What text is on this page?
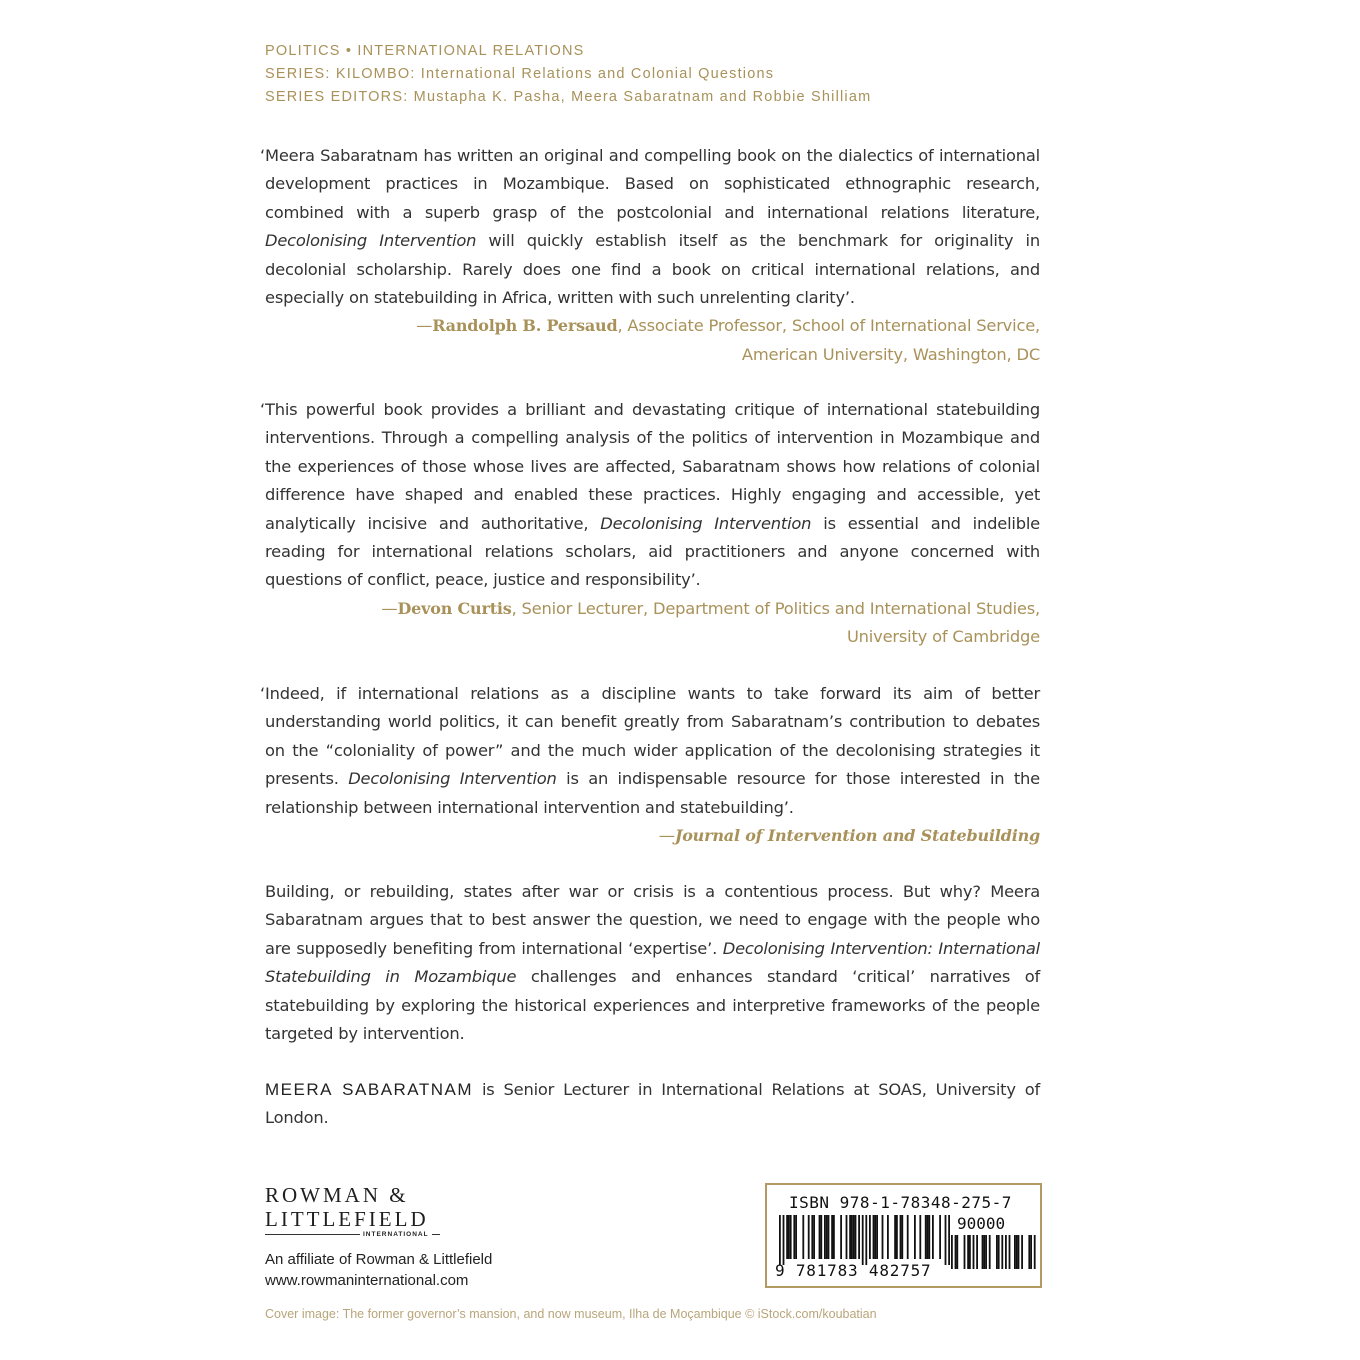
POLITICS • INTERNATIONAL RELATIONS
SERIES: KILOMBO: International Relations and Colonial Questions
SERIES EDITORS: Mustapha K. Pasha, Meera Sabaratnam and Robbie Shilliam

‘Meera Sabaratnam has written an original and compelling book on the dialectics of international development practices in Mozambique. Based on sophisticated ethnographic research, combined with a superb grasp of the postcolonial and international relations literature, Decolonising Intervention will quickly establish itself as the benchmark for originality in decolonial scholarship. Rarely does one find a book on critical international relations, and especially on statebuilding in Africa, written with such unrelenting clarity’.

—Randolph B. Persaud, Associate Professor, School of International Service,
American University, Washington, DC

‘This powerful book provides a brilliant and devastating critique of international statebuilding interventions. Through a compelling analysis of the politics of intervention in Mozambique and the experiences of those whose lives are affected, Sabaratnam shows how relations of colonial difference have shaped and enabled these practices. Highly engaging and accessible, yet analytically incisive and authoritative, Decolonising Intervention is essential and indelible reading for international relations scholars, aid practitioners and anyone concerned with questions of conflict, peace, justice and responsibility’.

—Devon Curtis, Senior Lecturer, Department of Politics and International Studies,
University of Cambridge

‘Indeed, if international relations as a discipline wants to take forward its aim of better understanding world politics, it can benefit greatly from Sabaratnam’s contribution to debates on the “coloniality of power” and the much wider application of the decolonising strategies it presents. Decolonising Intervention is an indispensable resource for those interested in the relationship between international intervention and statebuilding’.

—Journal of Intervention and Statebuilding

Building, or rebuilding, states after war or crisis is a contentious process. But why? Meera Sabaratnam argues that to best answer the question, we need to engage with the people who are supposedly benefiting from international ‘expertise’. Decolonising Intervention: International Statebuilding in Mozambique challenges and enhances standard ‘critical’ narratives of statebuilding by exploring the historical experiences and interpretive frameworks of the people targeted by intervention.

MEERA SABARATNAM is Senior Lecturer in International Relations at SOAS, University of London.

ROWMAN &
LITTLEFIELD
INTERNATIONAL
An affiliate of Rowman & Littlefield
www.rowmaninternational.com
ISBN 978-1-78348-275-7
90000
9 781783 482757
Cover image: The former governor’s mansion, and now museum, Ilha de Moçambique © iStock.com/koubatian
